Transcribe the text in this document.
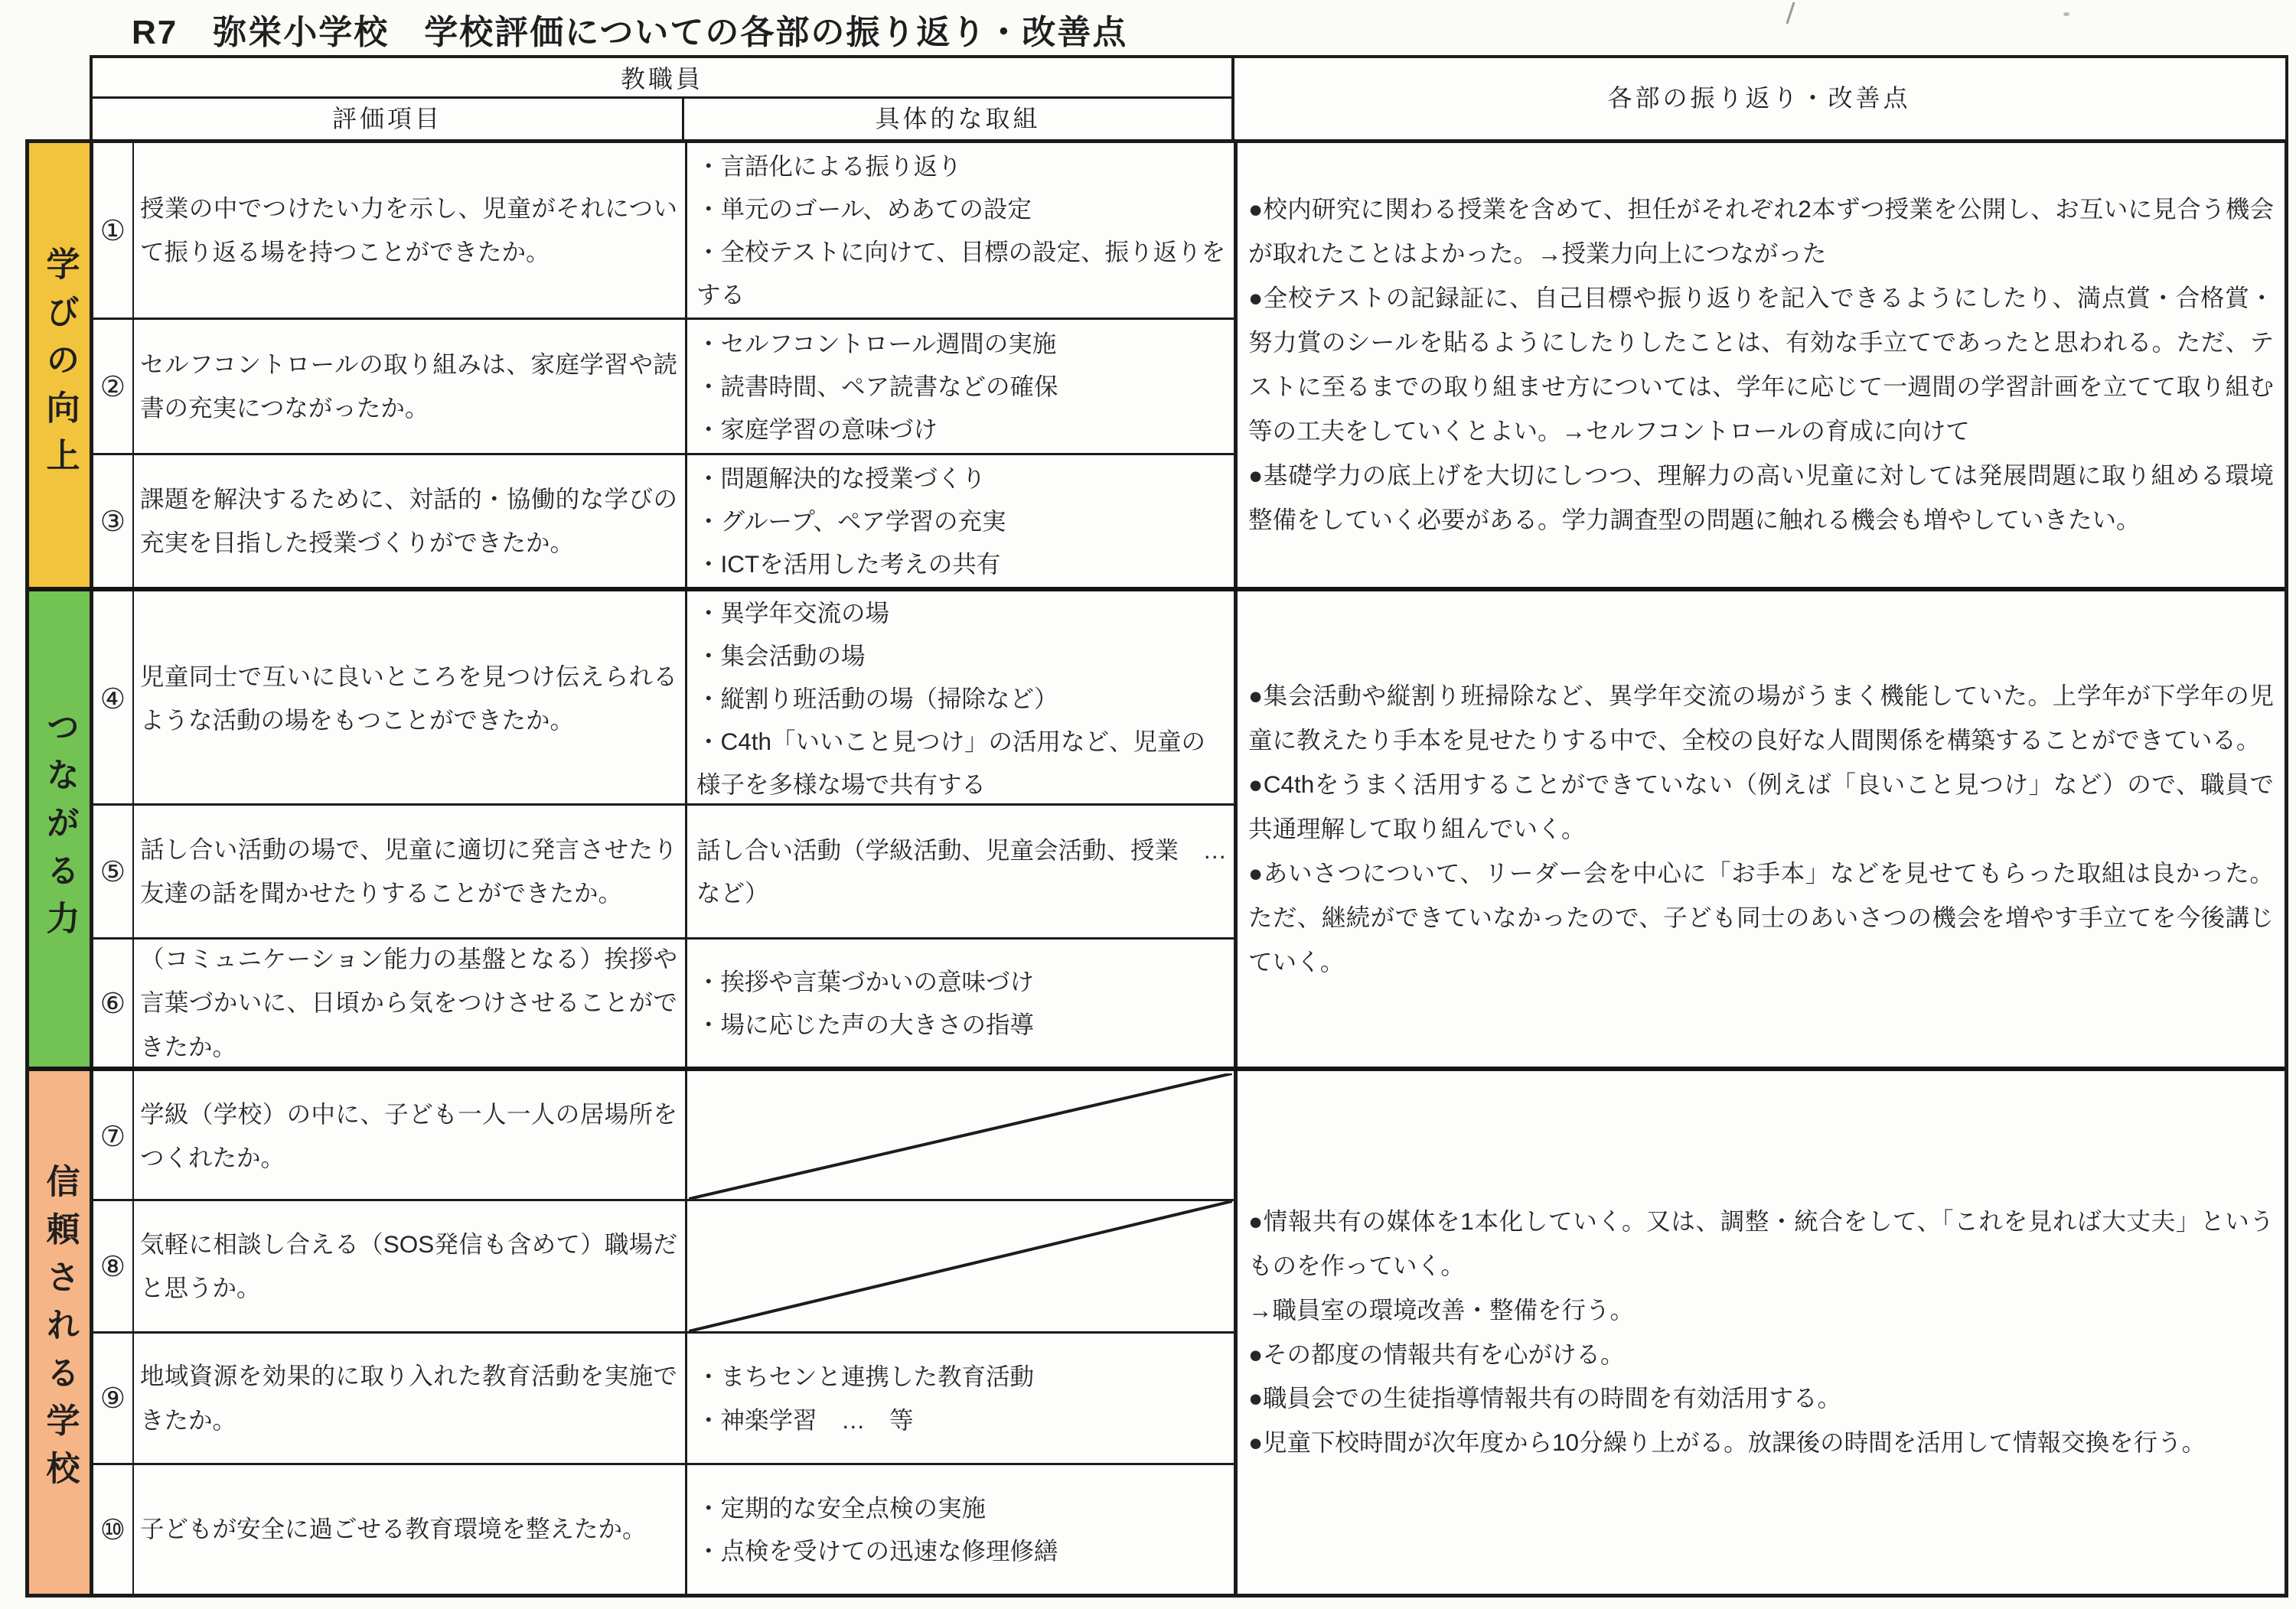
R7　弥栄小学校　学校評価についての各部の振り返り・改善点
教職員
評価項目	具体的な取組
各部の振り返り・改善点
学びの向上
つながる力
信頼される学校
①
②
③
④
⑤
⑥
⑦
⑧
⑨
⑩
授業の中でつけたい力を示し、児童がそれについて振り返る場を持つことができたか。
セルフコントロールの取り組みは、家庭学習や読書の充実につながったか。
課題を解決するために、対話的・協働的な学びの充実を目指した授業づくりができたか。
児童同士で互いに良いところを見つけ伝えられるような活動の場をもつことができたか。
話し合い活動の場で、児童に適切に発言させたり友達の話を聞かせたりすることができたか。
（コミュニケーション能力の基盤となる）挨拶や言葉づかいに、日頃から気をつけさせることができたか。
学級（学校）の中に、子ども一人一人の居場所をつくれたか。
気軽に相談し合える（SOS発信も含めて）職場だと思うか。
地域資源を効果的に取り入れた教育活動を実施できたか。
子どもが安全に過ごせる教育環境を整えたか。
・言語化による振り返り
・単元のゴール、めあての設定
・全校テストに向けて、目標の設定、振り返りをする
・セルフコントロール週間の実施
・読書時間、ペア読書などの確保
・家庭学習の意味づけ
・問題解決的な授業づくり
・グループ、ペア学習の充実
・ICTを活用した考えの共有
・異学年交流の場
・集会活動の場
・縦割り班活動の場（掃除など）
・C4th「いいこと見つけ」の活用など、児童の様子を多様な場で共有する
話し合い活動（学級活動、児童会活動、授業　…など）
・挨拶や言葉づかいの意味づけ
・場に応じた声の大きさの指導
・まちセンと連携した教育活動
・神楽学習　…　等
・定期的な安全点検の実施
・点検を受けての迅速な修理修繕
●校内研究に関わる授業を含めて、担任がそれぞれ2本ずつ授業を公開し、お互いに見合う機会が取れたことはよかった。→授業力向上につながった
●全校テストの記録証に、自己目標や振り返りを記入できるようにしたり、満点賞・合格賞・努力賞のシールを貼るようにしたりしたことは、有効な手立てであったと思われる。ただ、テストに至るまでの取り組ませ方については、学年に応じて一週間の学習計画を立てて取り組む等の工夫をしていくとよい。→セルフコントロールの育成に向けて
●基礎学力の底上げを大切にしつつ、理解力の高い児童に対しては発展問題に取り組める環境整備をしていく必要がある。学力調査型の問題に触れる機会も増やしていきたい。
●集会活動や縦割り班掃除など、異学年交流の場がうまく機能していた。上学年が下学年の児童に教えたり手本を見せたりする中で、全校の良好な人間関係を構築することができている。
●C4thをうまく活用することができていない（例えば「良いこと見つけ」など）ので、職員で共通理解して取り組んでいく。
●あいさつについて、リーダー会を中心に「お手本」などを見せてもらった取組は良かった。ただ、継続ができていなかったので、子ども同士のあいさつの機会を増やす手立てを今後講じていく。
●情報共有の媒体を1本化していく。又は、調整・統合をして、「これを見れば大丈夫」というものを作っていく。
→職員室の環境改善・整備を行う。
●その都度の情報共有を心がける。
●職員会での生徒指導情報共有の時間を有効活用する。
●児童下校時間が次年度から10分繰り上がる。放課後の時間を活用して情報交換を行う。
